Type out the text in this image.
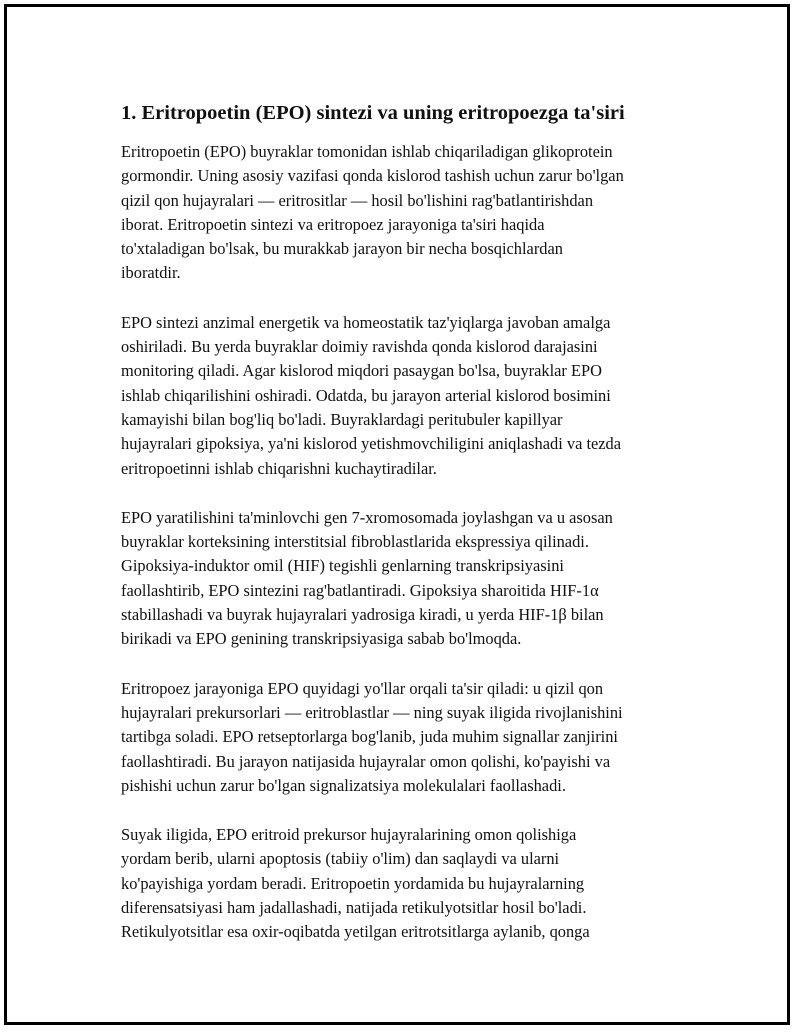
1. Eritropoetin (EPO) sintezi va uning eritropoezga ta'siri

Eritropoetin (EPO) buyraklar tomonidan ishlab chiqariladigan glikoprotein
gormondir. Uning asosiy vazifasi qonda kislorod tashish uchun zarur bo'lgan
qizil qon hujayralari — eritrositlar — hosil bo'lishini rag'batlantirishdan
iborat. Eritropoetin sintezi va eritropoez jarayoniga ta'siri haqida
to'xtaladigan bo'lsak, bu murakkab jarayon bir necha bosqichlardan
iboratdir.

EPO sintezi anzimal energetik va homeostatik taz'yiqlarga javoban amalga
oshiriladi. Bu yerda buyraklar doimiy ravishda qonda kislorod darajasini
monitoring qiladi. Agar kislorod miqdori pasaygan bo'lsa, buyraklar EPO
ishlab chiqarilishini oshiradi. Odatda, bu jarayon arterial kislorod bosimini
kamayishi bilan bog'liq bo'ladi. Buyraklardagi peritubuler kapillyar
hujayralari gipoksiya, ya'ni kislorod yetishmovchiligini aniqlashadi va tezda
eritropoetinni ishlab chiqarishni kuchaytiradilar.

EPO yaratilishini ta'minlovchi gen 7-xromosomada joylashgan va u asosan
buyraklar korteksining interstitsial fibroblastlarida ekspressiya qilinadi.
Gipoksiya-induktor omil (HIF) tegishli genlarning transkripsiyasini
faollashtirib, EPO sintezini rag'batlantiradi. Gipoksiya sharoitida HIF-1α
stabillashadi va buyrak hujayralari yadrosiga kiradi, u yerda HIF-1β bilan
birikadi va EPO genining transkripsiyasiga sabab bo'lmoqda.

Eritropoez jarayoniga EPO quyidagi yo'llar orqali ta'sir qiladi: u qizil qon
hujayralari prekursorlari — eritroblastlar — ning suyak iligida rivojlanishini
tartibga soladi. EPO retseptorlarga bog'lanib, juda muhim signallar zanjirini
faollashtiradi. Bu jarayon natijasida hujayralar omon qolishi, ko'payishi va
pishishi uchun zarur bo'lgan signalizatsiya molekulalari faollashadi.

Suyak iligida, EPO eritroid prekursor hujayralarining omon qolishiga
yordam berib, ularni apoptosis (tabiiy o'lim) dan saqlaydi va ularni
ko'payishiga yordam beradi. Eritropoetin yordamida bu hujayralarning
diferensatsiyasi ham jadallashadi, natijada retikulyotsitlar hosil bo'ladi.
Retikulyotsitlar esa oxir-oqibatda yetilgan eritrotsitlarga aylanib, qonga
